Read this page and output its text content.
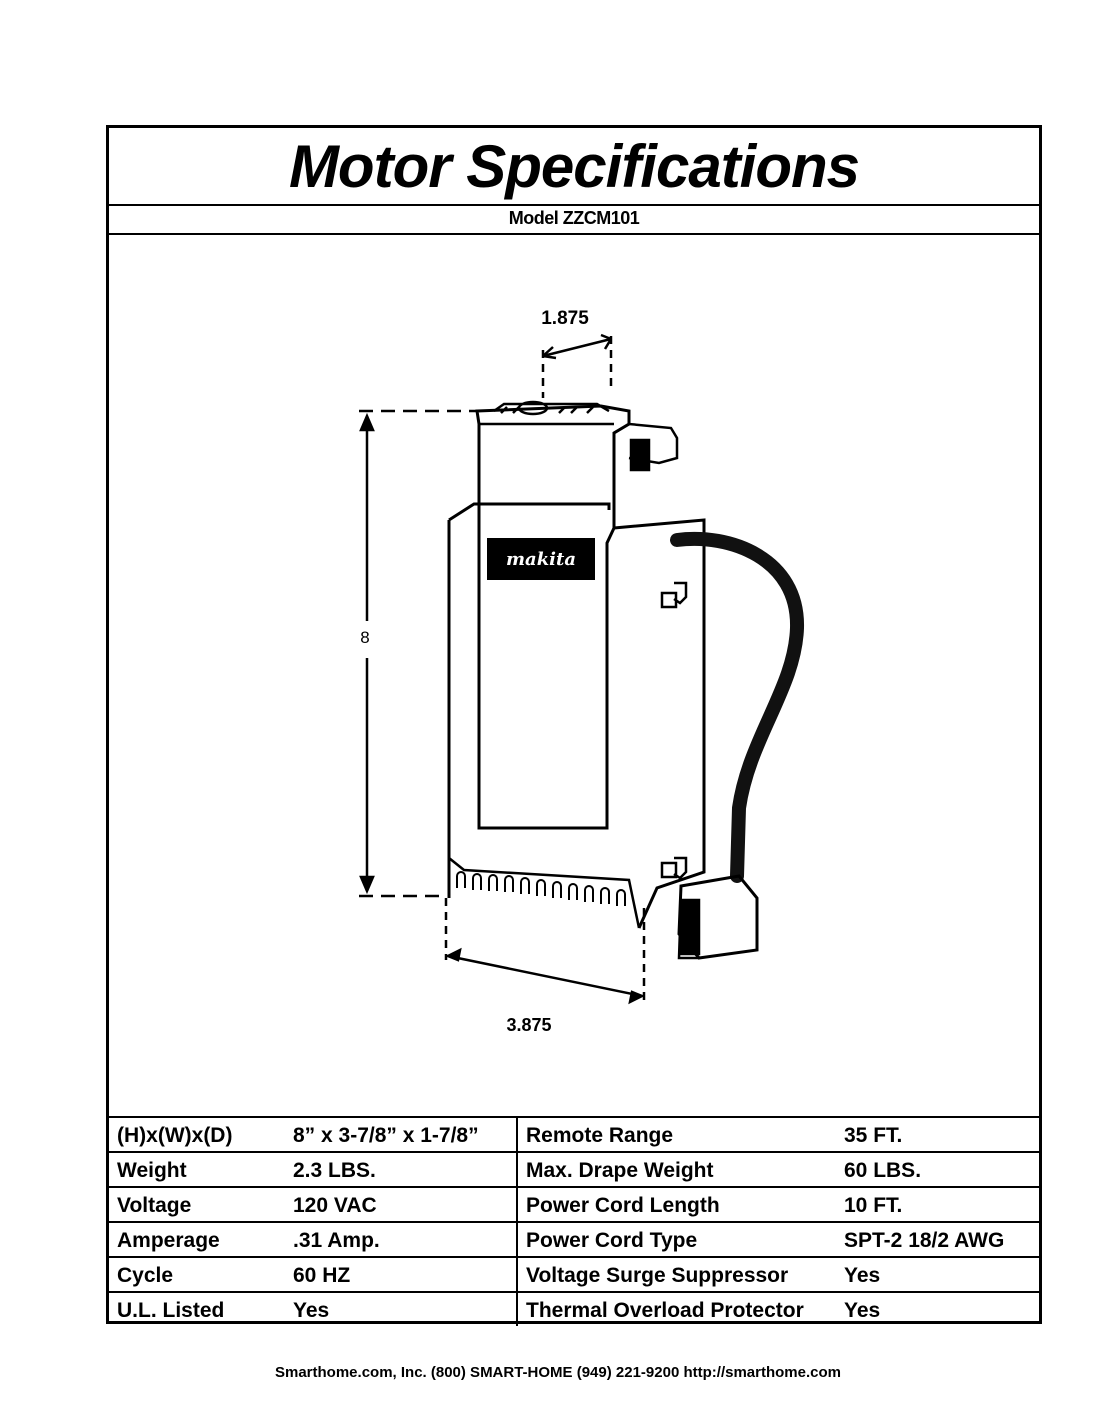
Motor Specifications
Model ZZCM101
makita
1.875
8
3.875
(H)x(W)x(D)	8” x 3-7/8” x 1-7/8”	Remote Range	35 FT.
Weight	2.3 LBS.	Max. Drape Weight	60 LBS.
Voltage	120 VAC	Power Cord Length	10 FT.
Amperage	.31 Amp.	Power Cord Type	SPT-2 18/2 AWG
Cycle	60 HZ	Voltage Surge Suppressor	Yes
U.L. Listed	Yes	Thermal Overload Protector	Yes
Smarthome.com, Inc. (800) SMART-HOME (949) 221-9200 http://smarthome.com
